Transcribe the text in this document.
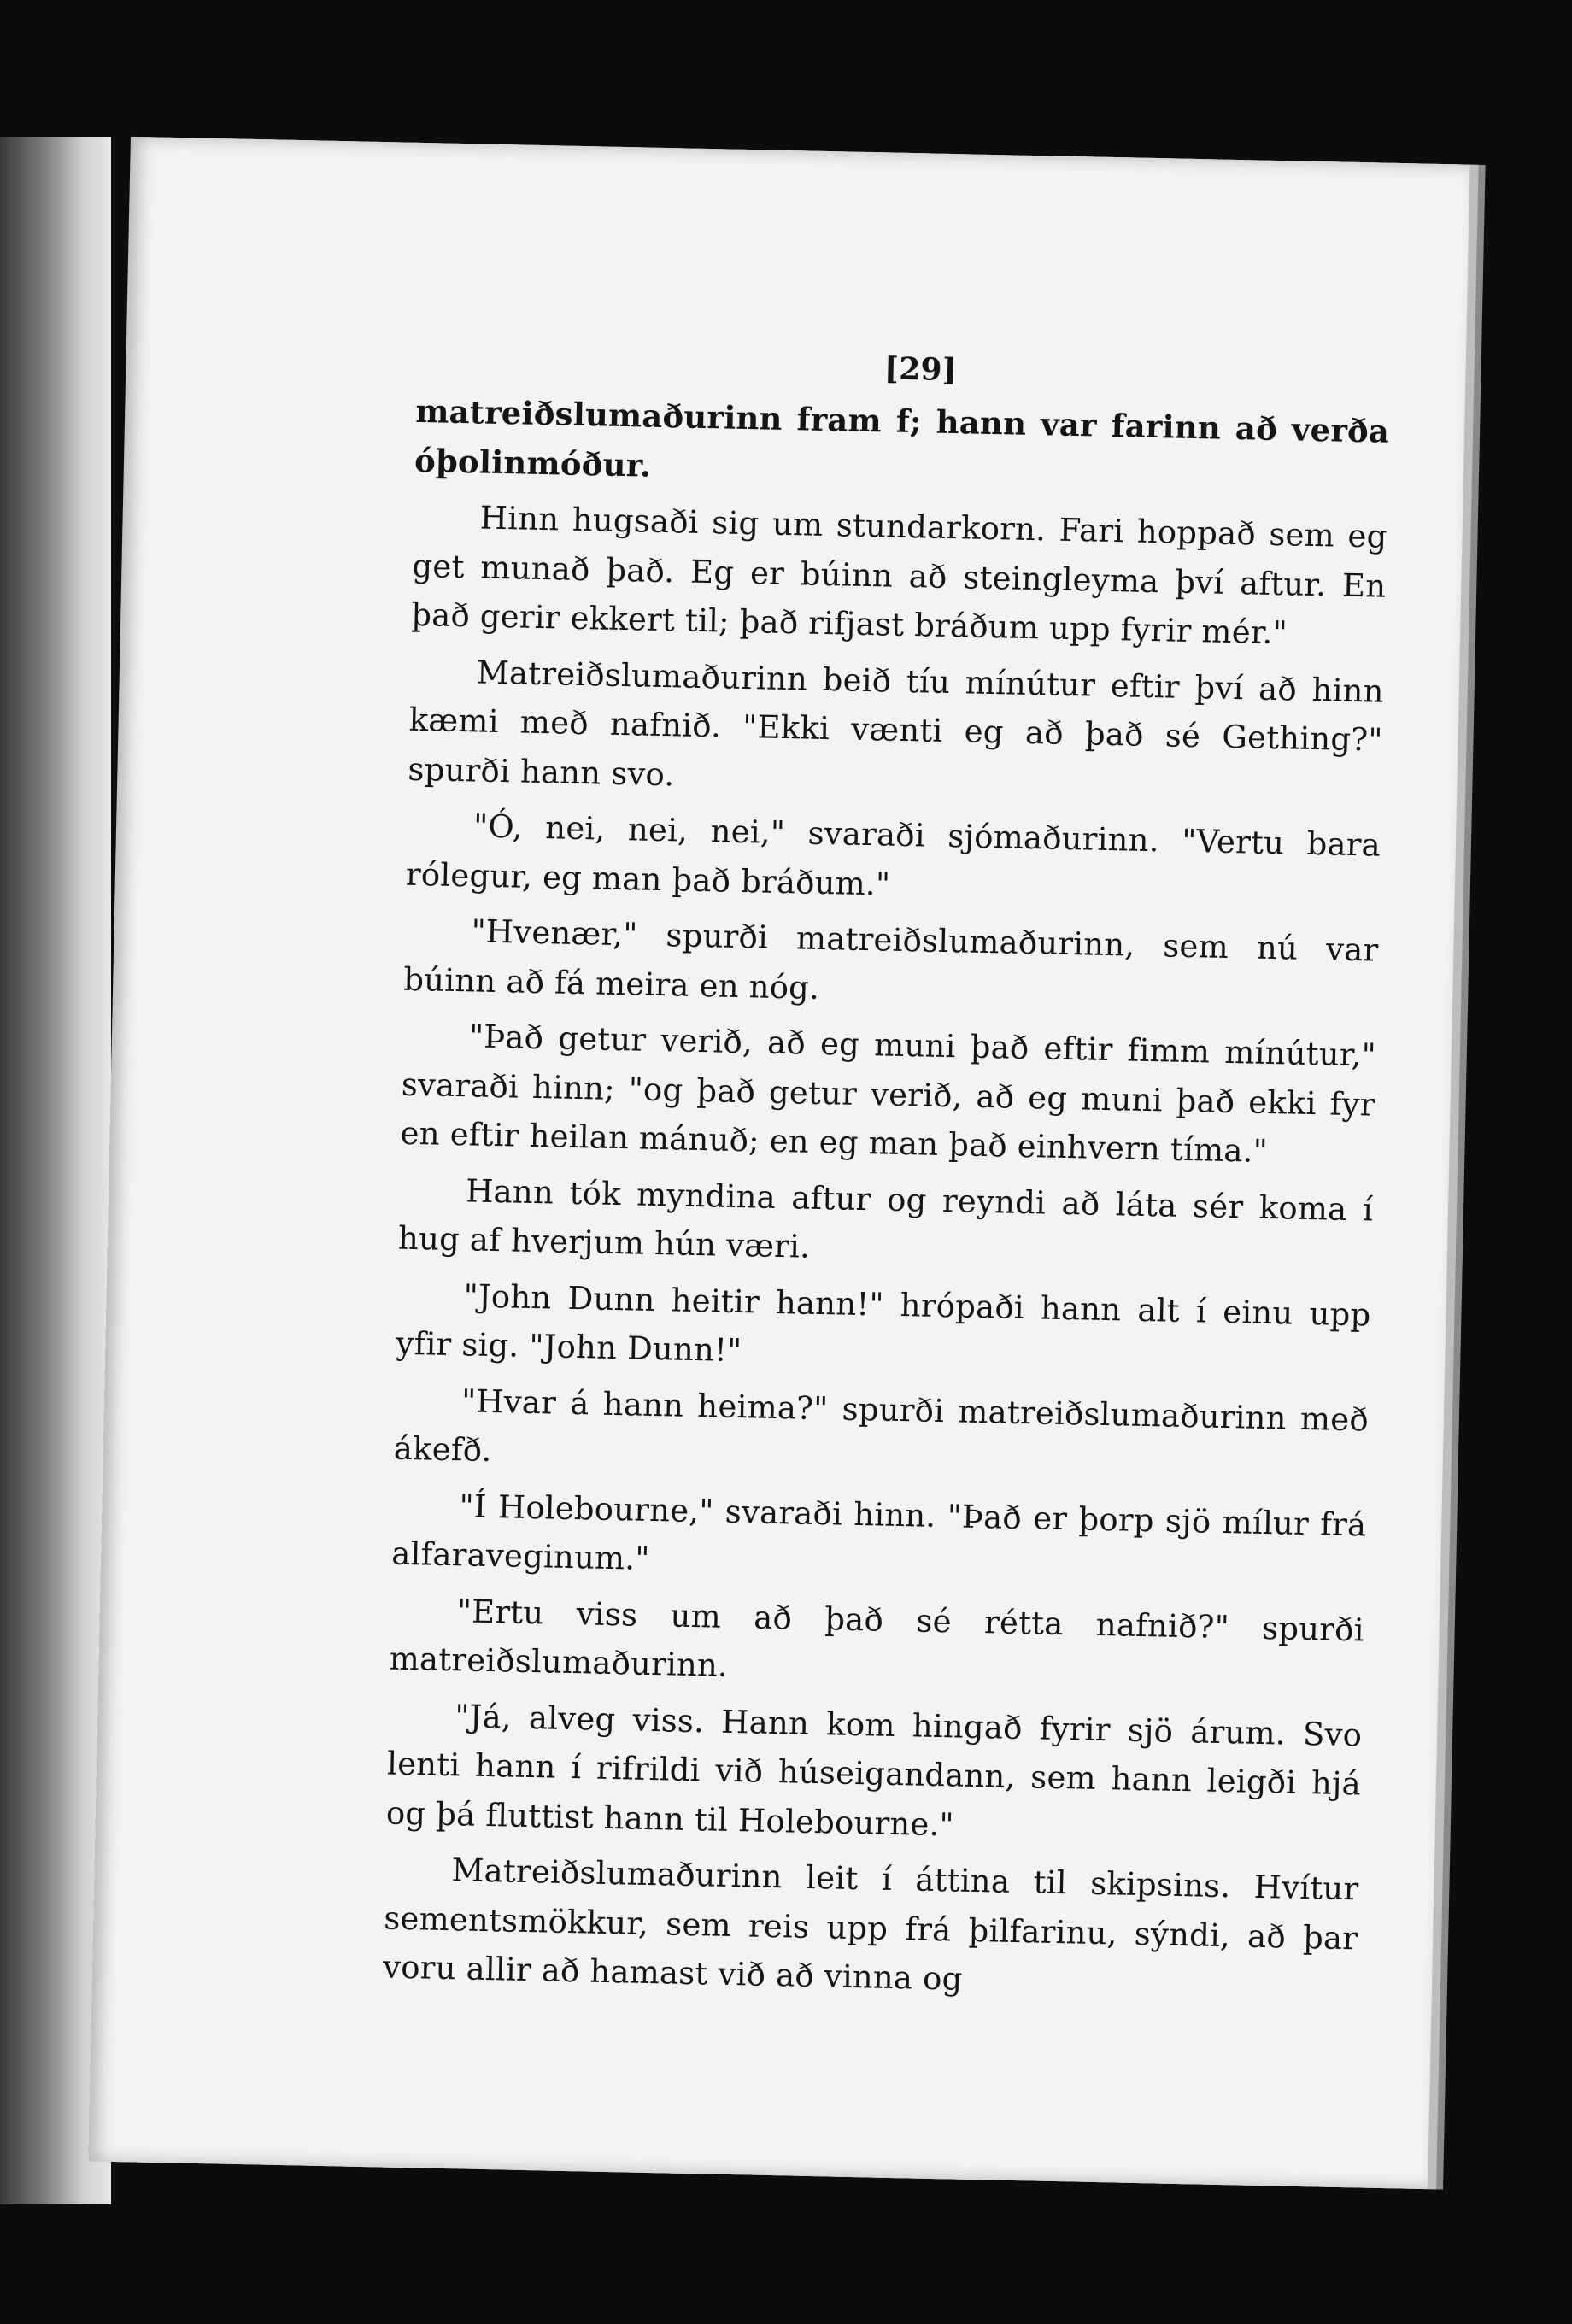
[29]

matreiðslumaðurinn fram f; hann var farinn að verða óþolinmóður.

Hinn hugsaði sig um stundarkorn. Fari hoppað sem eg get munað það. Eg er búinn að steingleyma því aftur. En það gerir ekkert til; það rifjast bráðum upp fyrir mér."

Matreiðslumaðurinn beið tíu mínútur eftir því að hinn kæmi með nafnið. "Ekki vænti eg að það sé Gething?" spurði hann svo.

"Ó, nei, nei, nei," svaraði sjómaðurinn. "Vertu bara rólegur, eg man það bráðum."

"Hvenær," spurði matreiðslumaðurinn, sem nú var búinn að fá meira en nóg.

"Það getur verið, að eg muni það eftir fimm mínútur," svaraði hinn; "og það getur verið, að eg muni það ekki fyr en eftir heilan mánuð; en eg man það einhvern tíma."

Hann tók myndina aftur og reyndi að láta sér koma í hug af hverjum hún væri.

"John Dunn heitir hann!" hrópaði hann alt í einu upp yfir sig. "John Dunn!"

"Hvar á hann heima?" spurði matreiðslumaðurinn með ákefð.

"Í Holebourne," svaraði hinn. "Það er þorp sjö mílur frá alfaraveginum."

"Ertu viss um að það sé rétta nafnið?" spurði matreiðslumaðurinn.

"Já, alveg viss. Hann kom hingað fyrir sjö árum. Svo lenti hann í rifrildi við húseigandann, sem hann leigði hjá og þá fluttist hann til Holebourne."

Matreiðslumaðurinn leit í áttina til skipsins. Hvítur sementsmökkur, sem reis upp frá þilfarinu, sýndi, að þar voru allir að hamast við að vinna og
